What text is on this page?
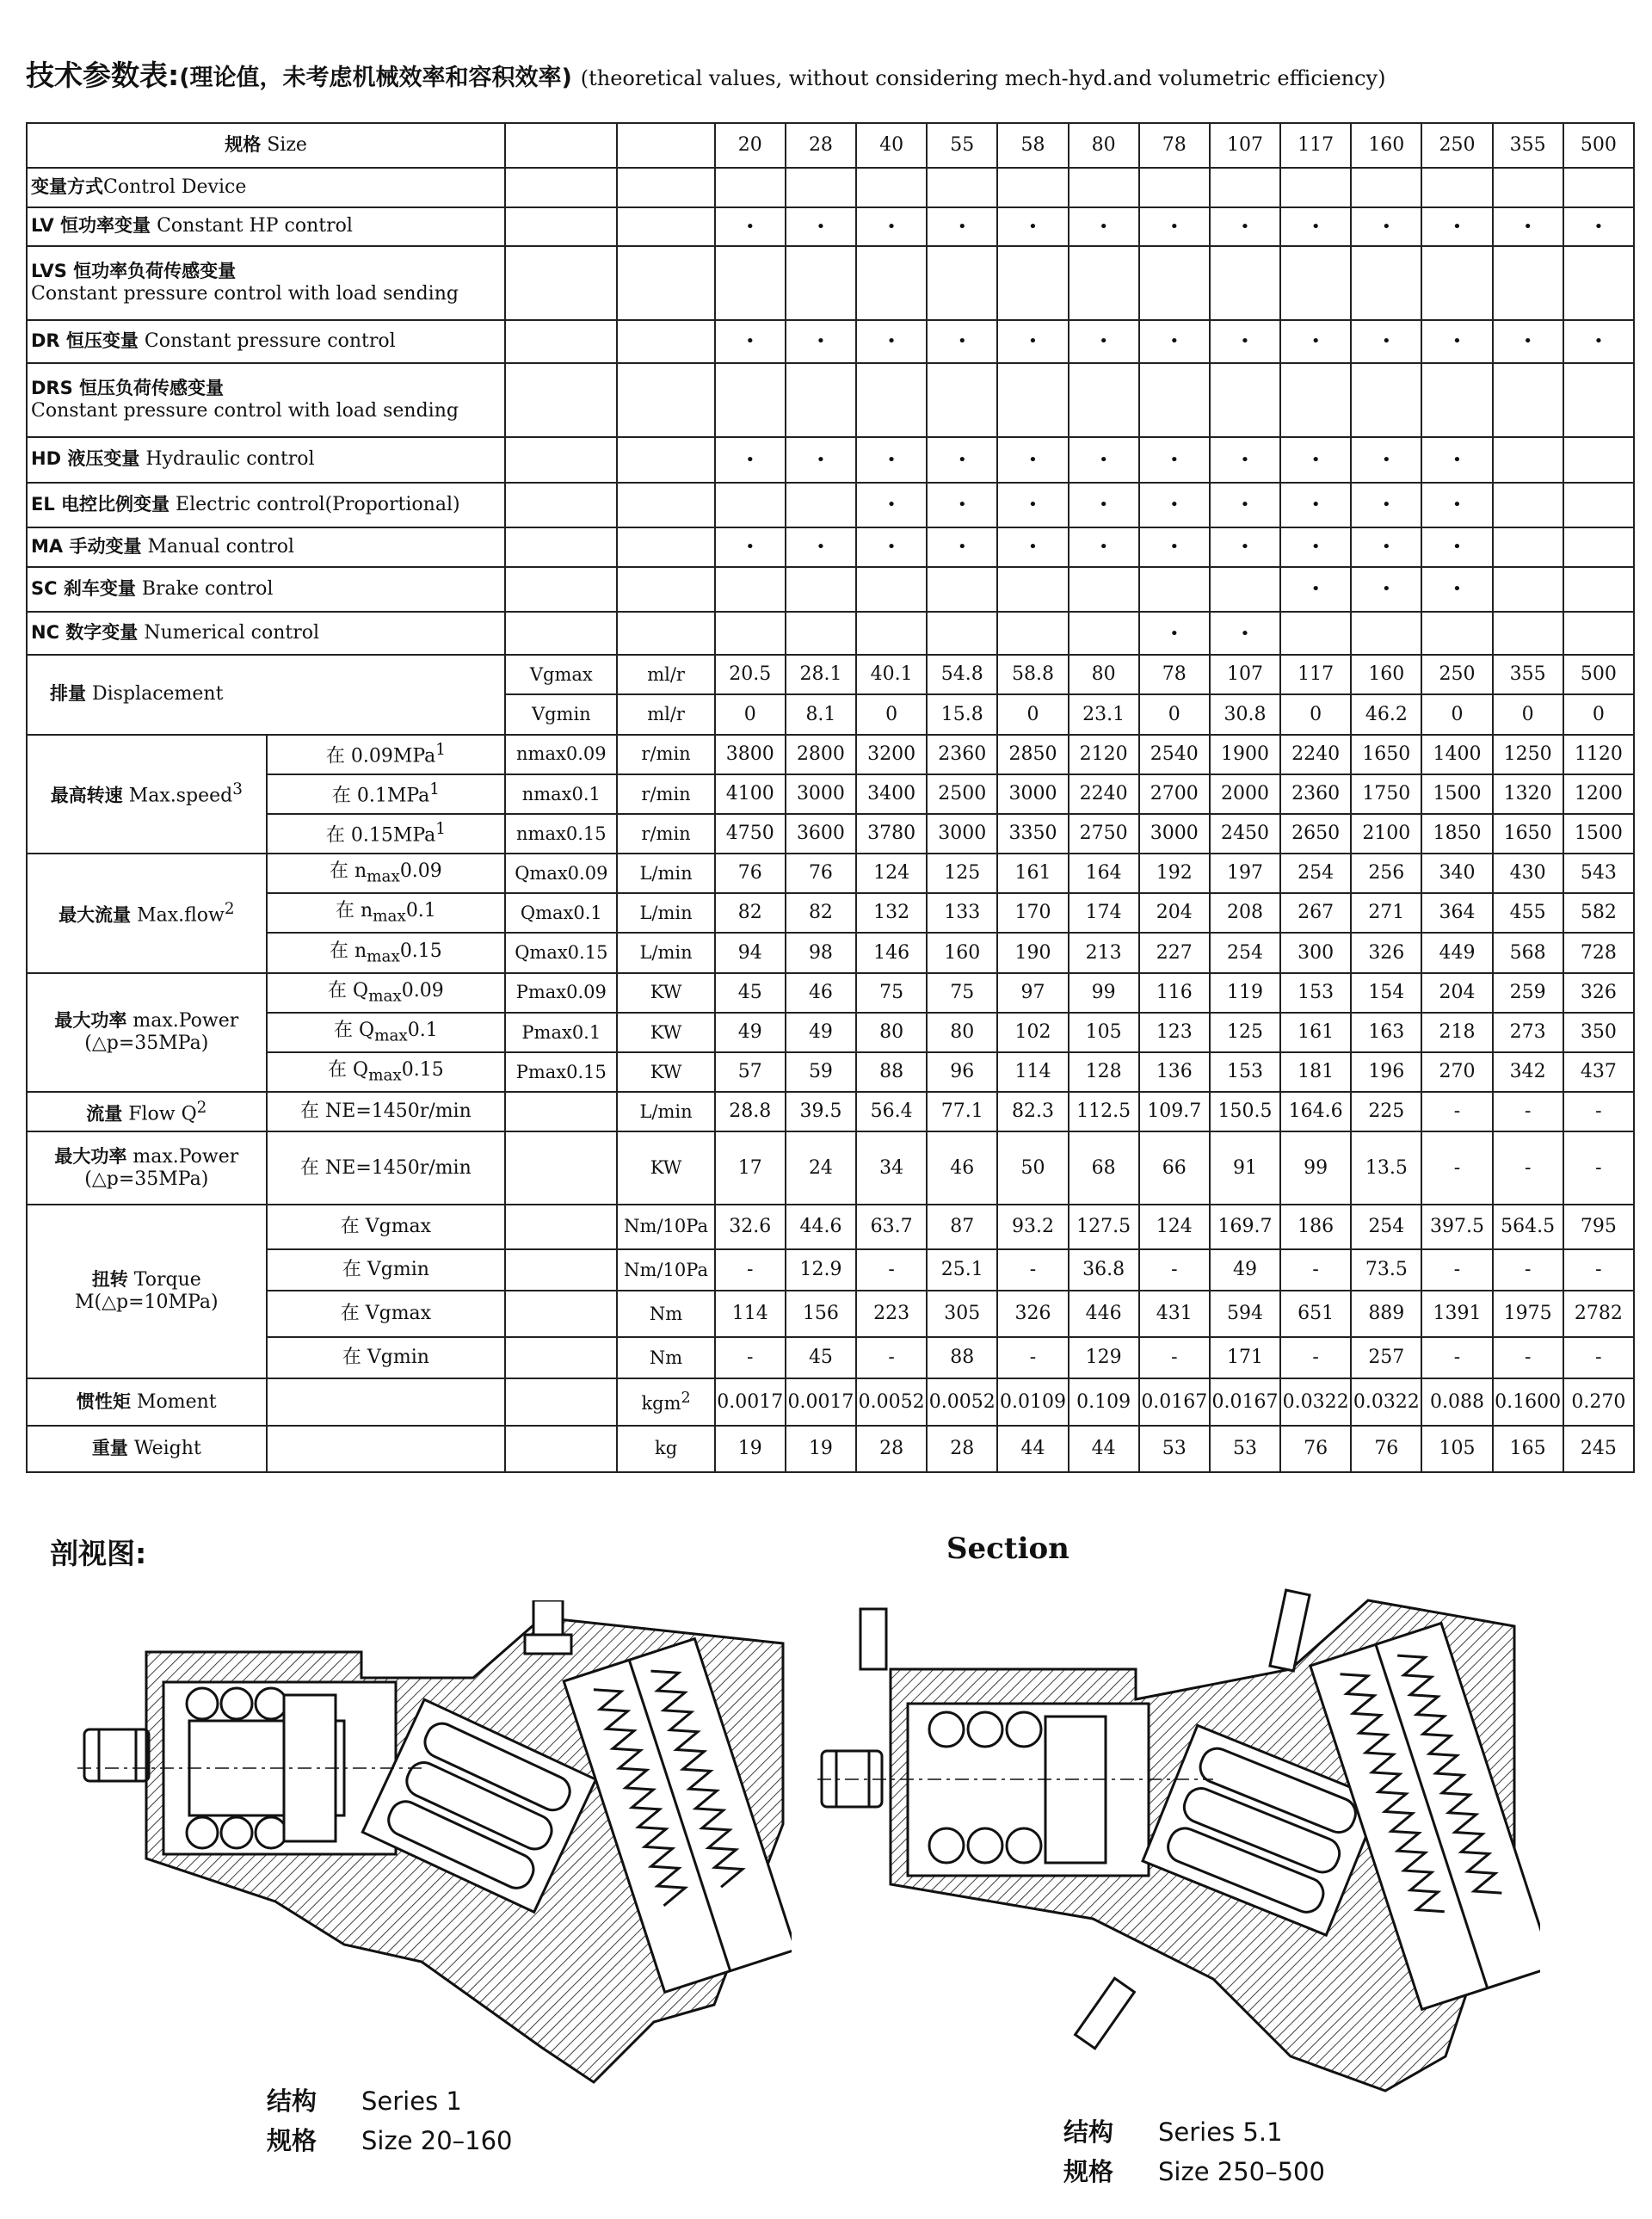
技术参数表:(理论值，未考虑机械效率和容积效率) (theoretical values, without considering mech-hyd.and volumetric efficiency)
规格 Size				20	28	40	55	58	80	78	107	117	160	250	355	500
变量方式Control Device																
LV 恒功率变量 Constant HP control				•	•	•	•	•	•	•	•	•	•	•	•	•
LVS 恒功率负荷传感变量
Constant pressure control with load sending																
DR 恒压变量 Constant pressure control				•	•	•	•	•	•	•	•	•	•	•	•	•
DRS 恒压负荷传感变量
Constant pressure control with load sending																
HD 液压变量 Hydraulic control				•	•	•	•	•	•	•	•	•	•	•		
EL 电控比例变量 Electric control(Proportional)						•	•	•	•	•	•	•	•	•		
MA 手动变量 Manual control				•	•	•	•	•	•	•	•	•	•	•		
SC 刹车变量 Brake control												•	•	•		
NC 数字变量 Numerical control										•	•					
排量 Displacement		Vgmax	ml/r	20.5	28.1	40.1	54.8	58.8	80	78	107	117	160	250	355	500
		Vgmin	ml/r	0	8.1	0	15.8	0	23.1	0	30.8	0	46.2	0	0	0
最高转速 Max.speed$^3$	在 0.09MPa$^1$	nmax0.09	r/min	3800	2800	3200	2360	2850	2120	2540	1900	2240	1650	1400	1250	1120
	在 0.1MPa$^1$	nmax0.1	r/min	4100	3000	3400	2500	3000	2240	2700	2000	2360	1750	1500	1320	1200
	在 0.15MPa$^1$	nmax0.15	r/min	4750	3600	3780	3000	3350	2750	3000	2450	2650	2100	1850	1650	1500
最大流量 Max.flow$^2$	在 $n_{max}0.09$	Qmax0.09	L/min	76	76	124	125	161	164	192	197	254	256	340	430	543
	在 $n_{max}0.1$	Qmax0.1	L/min	82	82	132	133	170	174	204	208	267	271	364	455	582
	在 $n_{max}0.15$	Qmax0.15	L/min	94	98	146	160	190	213	227	254	300	326	449	568	728
最大功率 max.Power
(△p=35MPa)	在 $Q_{max}0.09$	Pmax0.09	KW	45	46	75	75	97	99	116	119	153	154	204	259	326
	在 $Q_{max}0.1$	Pmax0.1	KW	49	49	80	80	102	105	123	125	161	163	218	273	350
	在 $Q_{max}0.15$	Pmax0.15	KW	57	59	88	96	114	128	136	153	181	196	270	342	437
流量 Flow $Q^2$	在 NE=1450r/min		L/min	28.8	39.5	56.4	77.1	82.3	112.5	109.7	150.5	164.6	225	-	-	-
最大功率 max.Power
(△p=35MPa)	在 NE=1450r/min		KW	17	24	34	46	50	68	66	91	99	13.5	-	-	-
扭转 Torque
M(△p=10MPa)	在 Vgmax		Nm/10Pa	32.6	44.6	63.7	87	93.2	127.5	124	169.7	186	254	397.5	564.5	795
	在 Vgmin		Nm/10Pa	-	12.9	-	25.1	-	36.8	-	49	-	73.5	-	-	-
	在 Vgmax		Nm	114	156	223	305	326	446	431	594	651	889	1391	1975	2782
	在 Vgmin		Nm	-	45	-	88	-	129	-	171	-	257	-	-	-
惯性矩 Moment			kgm$^2$	0.0017	0.0017	0.0052	0.0052	0.0109	0.109	0.0167	0.0167	0.0322	0.0322	0.088	0.1600	0.270
重量 Weight			kg	19	19	28	28	44	44	53	53	76	76	105	165	245
剖视图:	Section
结构 Series 1
规格 Size 20–160	结构 Series 5.1
规格 Size 250–500
